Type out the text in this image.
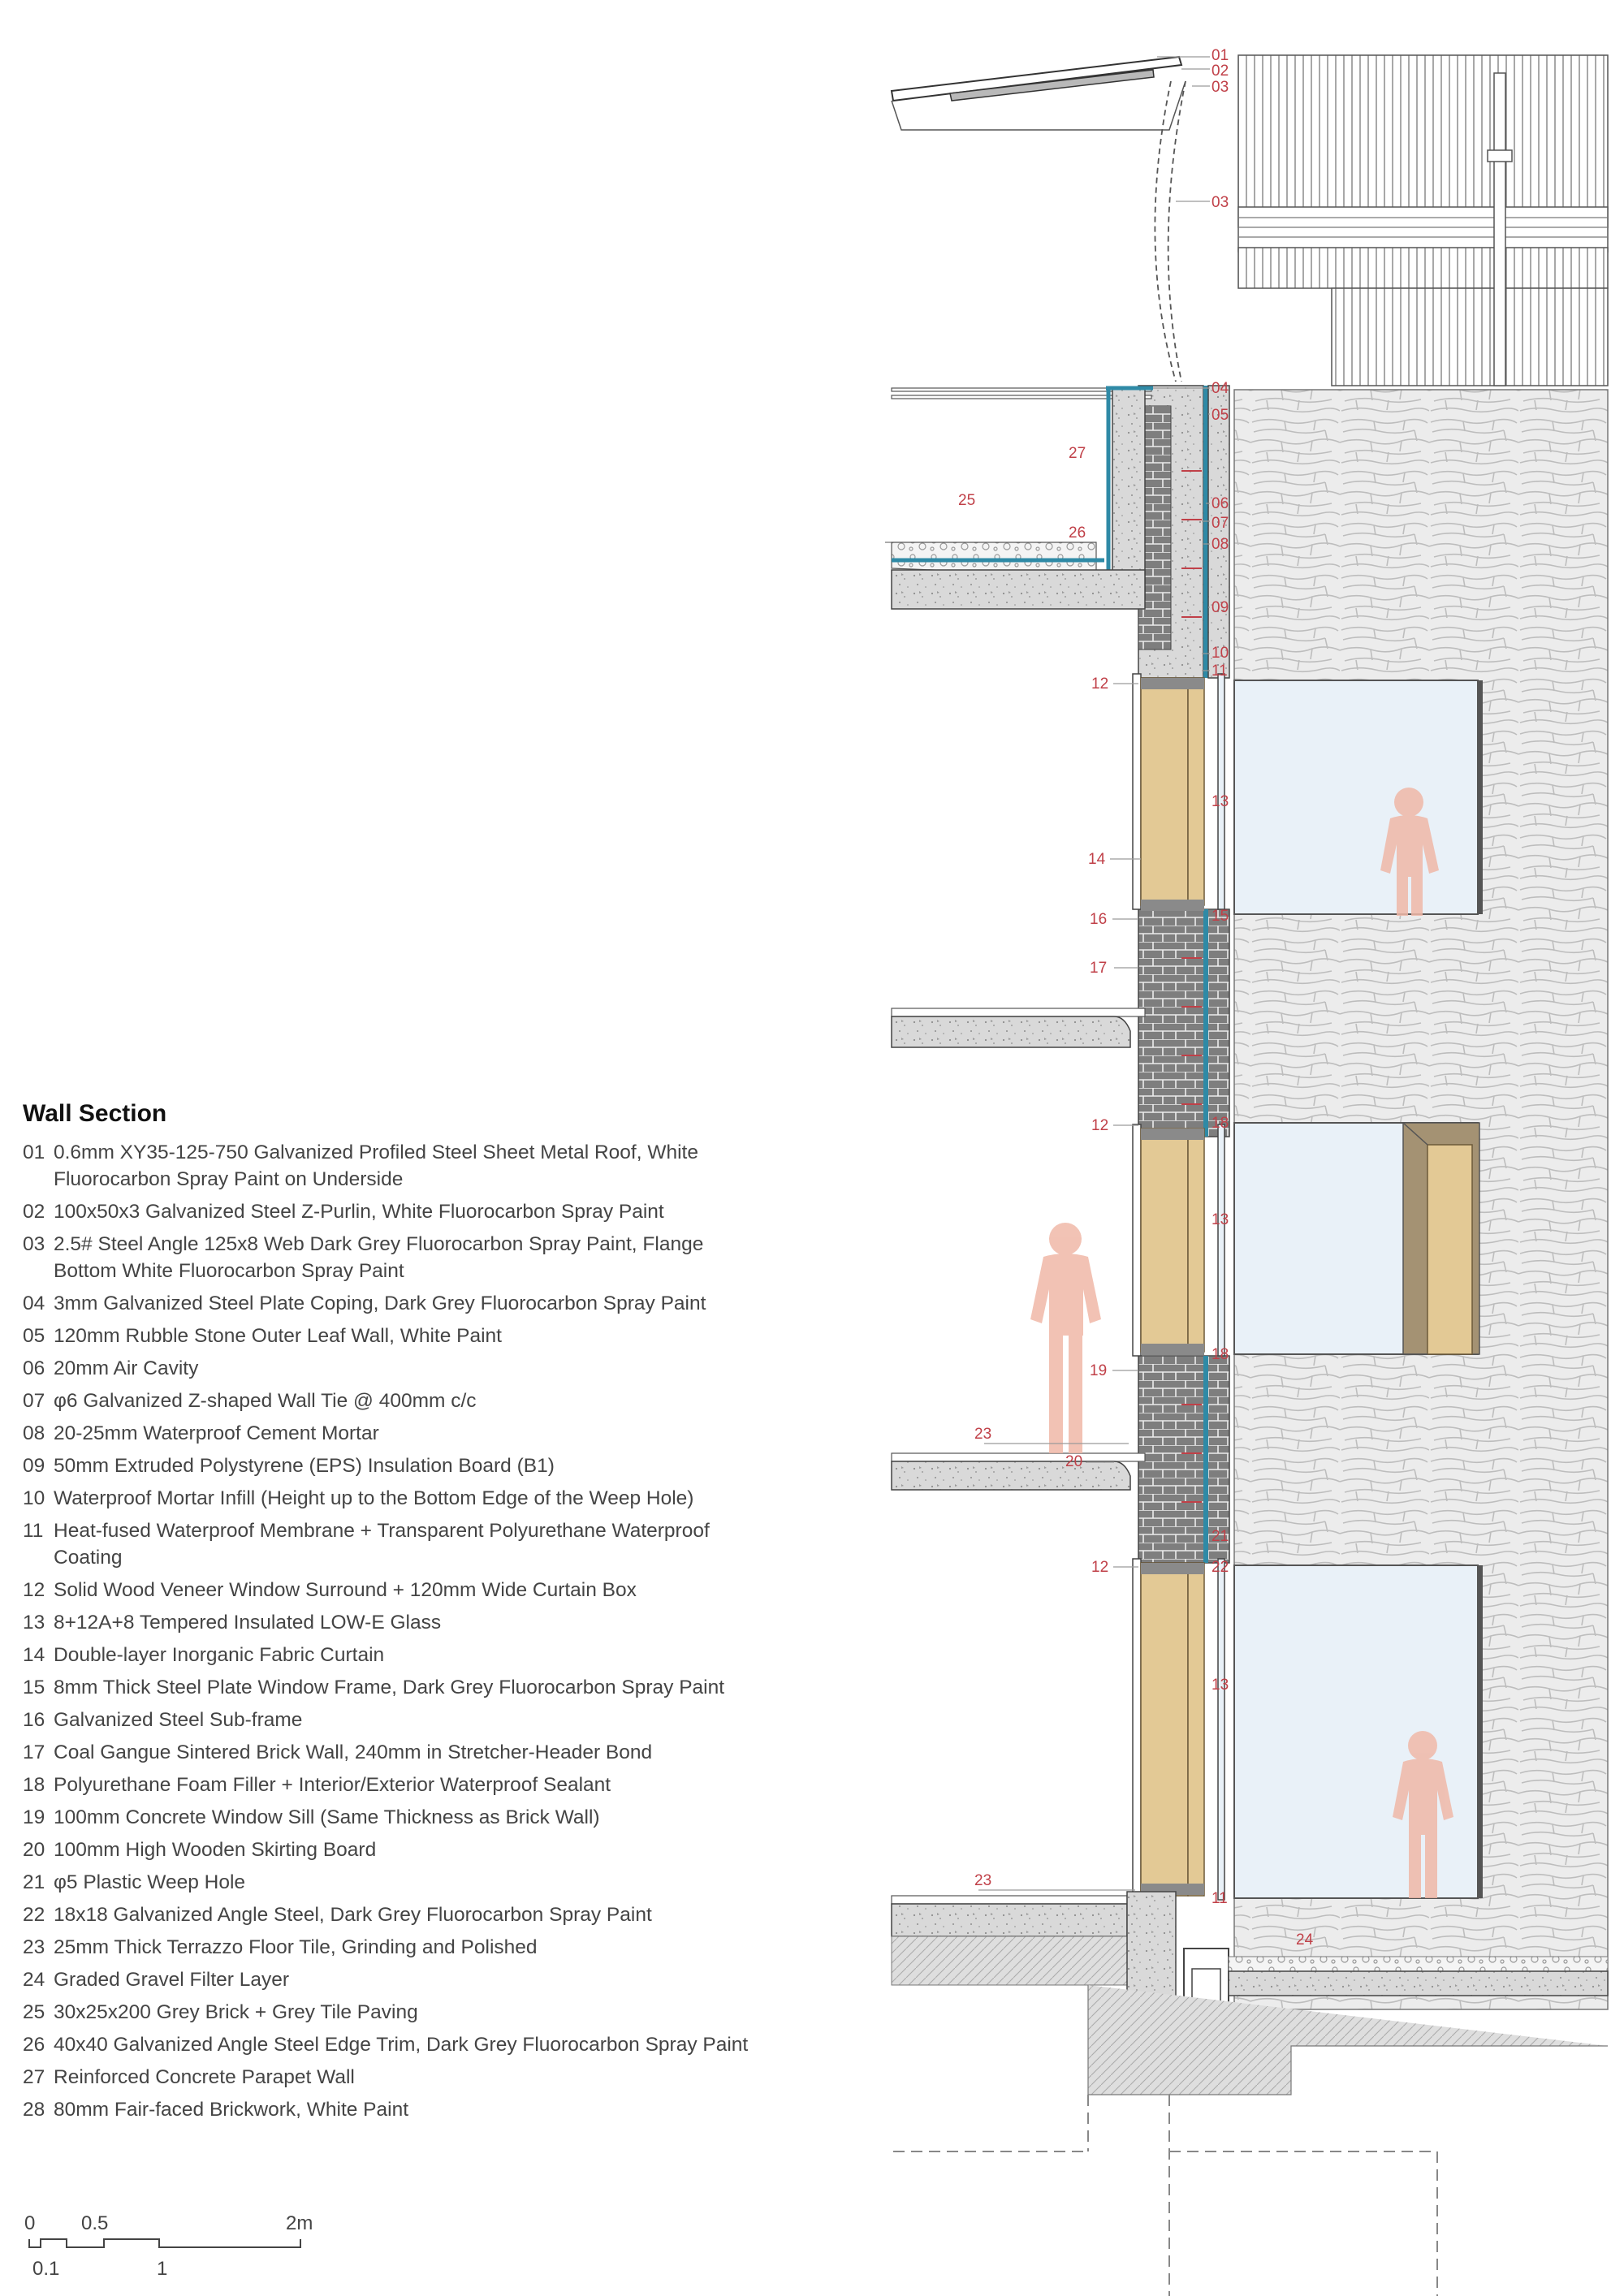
01
02
03
03
04
05
27
25
26
06
07
08
09
10
11
12
13
14
16	15
17
12	18
13
18
19
23
20
21
12	22
13
23
11
24
Wall Section
01 0.6mm XY35-125-750 Galvanized Profiled Steel Sheet Metal Roof, White Fluorocarbon Spray Paint on Underside
02 100x50x3 Galvanized Steel Z-Purlin, White Fluorocarbon Spray Paint
03 2.5# Steel Angle 125x8 Web Dark Grey Fluorocarbon Spray Paint, Flange Bottom White Fluorocarbon Spray Paint
04 3mm Galvanized Steel Plate Coping, Dark Grey Fluorocarbon Spray Paint
05 120mm Rubble Stone Outer Leaf Wall, White Paint
06 20mm Air Cavity
07 φ6 Galvanized Z-shaped Wall Tie @ 400mm c/c
08 20-25mm Waterproof Cement Mortar
09 50mm Extruded Polystyrene (EPS) Insulation Board (B1)
10 Waterproof Mortar Infill (Height up to the Bottom Edge of the Weep Hole)
11 Heat-fused Waterproof Membrane + Transparent Polyurethane Waterproof Coating
12 Solid Wood Veneer Window Surround + 120mm Wide Curtain Box
13 8+12A+8 Tempered Insulated LOW-E Glass
14 Double-layer Inorganic Fabric Curtain
15 8mm Thick Steel Plate Window Frame, Dark Grey Fluorocarbon Spray Paint
16 Galvanized Steel Sub-frame
17 Coal Gangue Sintered Brick Wall, 240mm in Stretcher-Header Bond
18 Polyurethane Foam Filler + Interior/Exterior Waterproof Sealant
19 100mm Concrete Window Sill (Same Thickness as Brick Wall)
20 100mm High Wooden Skirting Board
21 φ5 Plastic Weep Hole
22 18x18 Galvanized Angle Steel, Dark Grey Fluorocarbon Spray Paint
23 25mm Thick Terrazzo Floor Tile, Grinding and Polished
24 Graded Gravel Filter Layer
25 30x25x200 Grey Brick + Grey Tile Paving
26 40x40 Galvanized Angle Steel Edge Trim, Dark Grey Fluorocarbon Spray Paint
27 Reinforced Concrete Parapet Wall
28 80mm Fair-faced Brickwork, White Paint
0 0.5	2m
0.1	1
